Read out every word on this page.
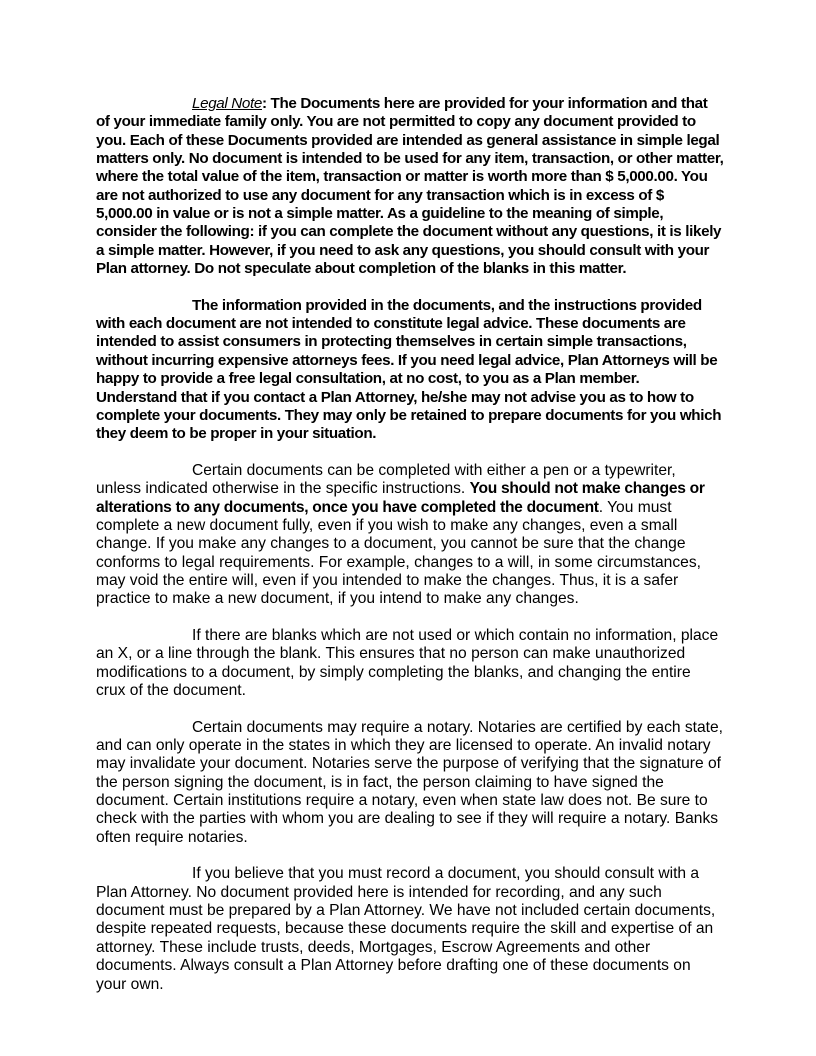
Legal Note: The Documents here are provided for your information and that of your immediate family only. You are not permitted to copy any document provided to you. Each of these Documents provided are intended as general assistance in simple legal matters only. No document is intended to be used for any item, transaction, or other matter, where the total value of the item, transaction or matter is worth more than $ 5,000.00. You are not authorized to use any document for any transaction which is in excess of $ 5,000.00 in value or is not a simple matter. As a guideline to the meaning of simple, consider the following: if you can complete the document without any questions, it is likely a simple matter. However, if you need to ask any questions, you should consult with your Plan attorney. Do not speculate about completion of the blanks in this matter.

The information provided in the documents, and the instructions provided with each document are not intended to constitute legal advice. These documents are intended to assist consumers in protecting themselves in certain simple transactions, without incurring expensive attorneys fees. If you need legal advice, Plan Attorneys will be happy to provide a free legal consultation, at no cost, to you as a Plan member. Understand that if you contact a Plan Attorney, he/she may not advise you as to how to complete your documents. They may only be retained to prepare documents for you which they deem to be proper in your situation.

Certain documents can be completed with either a pen or a typewriter, unless indicated otherwise in the specific instructions. You should not make changes or alterations to any documents, once you have completed the document. You must complete a new document fully, even if you wish to make any changes, even a small change. If you make any changes to a document, you cannot be sure that the change conforms to legal requirements. For example, changes to a will, in some circumstances, may void the entire will, even if you intended to make the changes. Thus, it is a safer practice to make a new document, if you intend to make any changes.

If there are blanks which are not used or which contain no information, place an X, or a line through the blank. This ensures that no person can make unauthorized modifications to a document, by simply completing the blanks, and changing the entire crux of the document.

Certain documents may require a notary. Notaries are certified by each state, and can only operate in the states in which they are licensed to operate. An invalid notary may invalidate your document. Notaries serve the purpose of verifying that the signature of the person signing the document, is in fact, the person claiming to have signed the document. Certain institutions require a notary, even when state law does not. Be sure to check with the parties with whom you are dealing to see if they will require a notary. Banks often require notaries.

If you believe that you must record a document, you should consult with a Plan Attorney. No document provided here is intended for recording, and any such document must be prepared by a Plan Attorney. We have not included certain documents, despite repeated requests, because these documents require the skill and expertise of an attorney. These include trusts, deeds, Mortgages, Escrow Agreements and other documents. Always consult a Plan Attorney before drafting one of these documents on your own.
